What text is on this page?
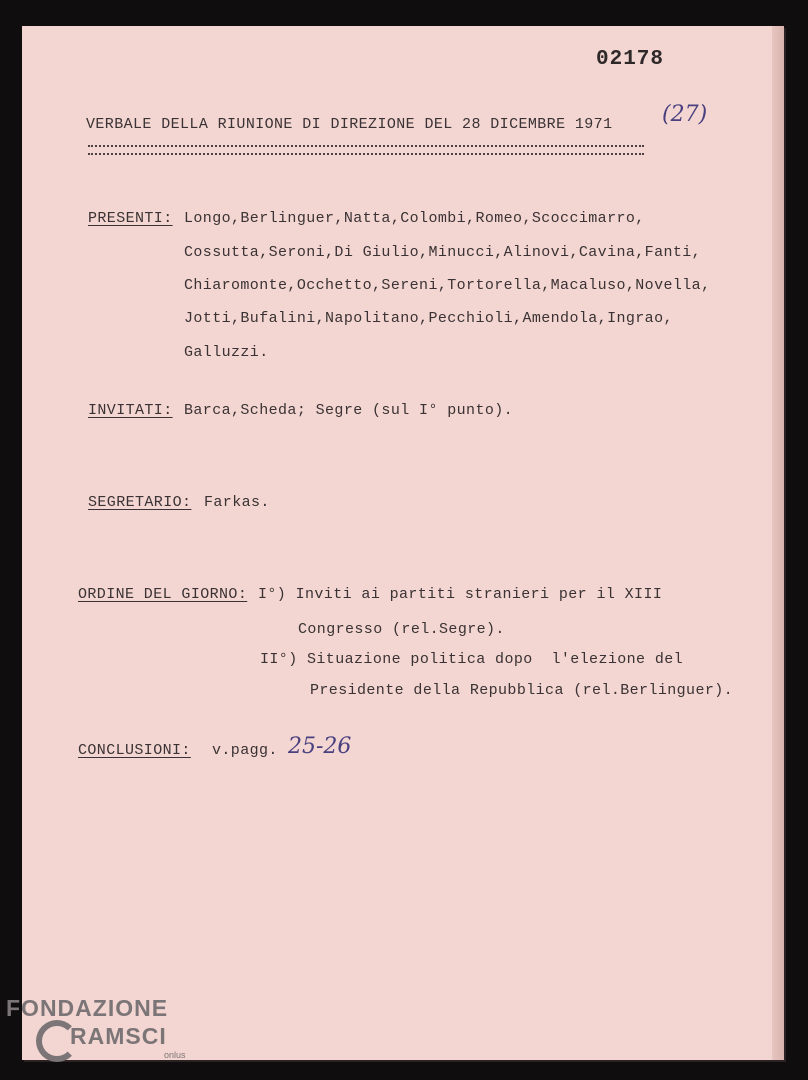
02178
(27)
VERBALE DELLA RIUNIONE DI DIREZIONE DEL 28 DICEMBRE 1971
PRESENTI: Longo,Berlinguer,Natta,Colombi,Romeo,Scoccimarro,
Cossutta,Seroni,Di Giulio,Minucci,Alinovi,Cavina,Fanti,
Chiaromonte,Occhetto,Sereni,Tortorella,Macaluso,Novella,
Jotti,Bufalini,Napolitano,Pecchioli,Amendola,Ingrao,
Galluzzi.
INVITATI: Barca,Scheda; Segre (sul I° punto).
SEGRETARIO: Farkas.
ORDINE DEL GIORNO: I°) Inviti ai partiti stranieri per il XIII
Congresso (rel.Segre).
II°) Situazione politica dopo  l'elezione del
Presidente della Repubblica (rel.Berlinguer).
CONCLUSIONI: v.pagg. 25-26
FONDAZIONE
RAMSCI
onlus
